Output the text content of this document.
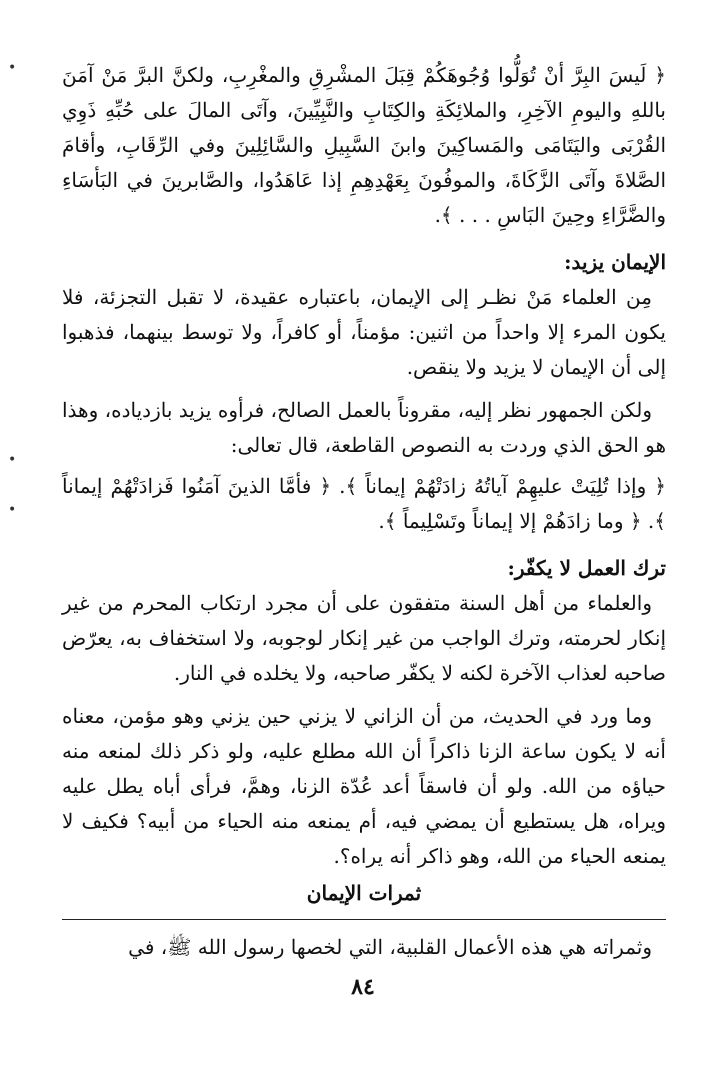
﴿ لَيسَ البِرَّ أنْ تُوَلُّوا وُجُوهَكُمْ قِبَلَ المشْرِقِ والمغْرِبِ، ولكنَّ البرَّ مَنْ آمَنَ باللهِ واليومِ الآخِرِ، والملائِكَةِ والكِتَابِ والنَّبِيِّينَ، وآتَى المالَ على حُبِّهِ ذَوِي القُرْبَى واليَتَامَى والمَساكِينَ وابنَ السَّبِيلِ والسَّائِلِينَ وفي الرِّقَابِ، وأقامَ الصَّلاةَ وآتَى الزَّكَاةَ، والموفُونَ بِعَهْدِهِمِ إذا عَاهَدُوا، والصَّابرينَ في البَأسَاءِ والضَّرَّاءِ وحِينَ البَاسِ . . . ﴾.

الإيمان يزيد:

مِن العلماء مَنْ نظـر إلى الإيمان، باعتباره عقيدة، لا تقبل التجزئة، فلا يكون المرء إلا واحداً من اثنين: مؤمناً، أو كافراً، ولا توسط بينهما، فذهبوا إلى أن الإيمان لا يزيد ولا ينقص.

ولكن الجمهور نظر إليه، مقروناً بالعمل الصالح، فرأوه يزيد بازدياده، وهذا هو الحق الذي وردت به النصوص القاطعة، قال تعالى:

﴿ وإذا تُلِيَتْ عليهِمْ آياتُهُ زادَتْهُمْ إيماناً ﴾. ﴿ فأمَّا الذينَ آمَنُوا فَزادَتْهُمْ إيماناً ﴾. ﴿ وما زادَهُمْ إلا إيماناً وتَسْلِيماً ﴾.

ترك العمل لا يكفّر:

والعلماء من أهل السنة متفقون على أن مجرد ارتكاب المحرم من غير إنكار لحرمته، وترك الواجب من غير إنكار لوجوبه، ولا استخفاف به، يعرّض صاحبه لعذاب الآخرة لكنه لا يكفّر صاحبه، ولا يخلده في النار.

وما ورد في الحديث، من أن الزاني لا يزني حين يزني وهو مؤمن، معناه أنه لا يكون ساعة الزنا ذاكراً أن الله مطلع عليه، ولو ذكر ذلك لمنعه منه حياؤه من الله. ولو أن فاسقاً أعد عُدّة الزنا، وهمَّ، فرأى أباه يطل عليه ويراه، هل يستطيع أن يمضي فيه، أم يمنعه منه الحياء من أبيه؟ فكيف لا يمنعه الحياء من الله، وهو ذاكر أنه يراه؟.

ثمرات الإيمان

وثمراته هي هذه الأعمال القلبية، التي لخصها رسول الله ﷺ، في

٨٤
•
•
•
